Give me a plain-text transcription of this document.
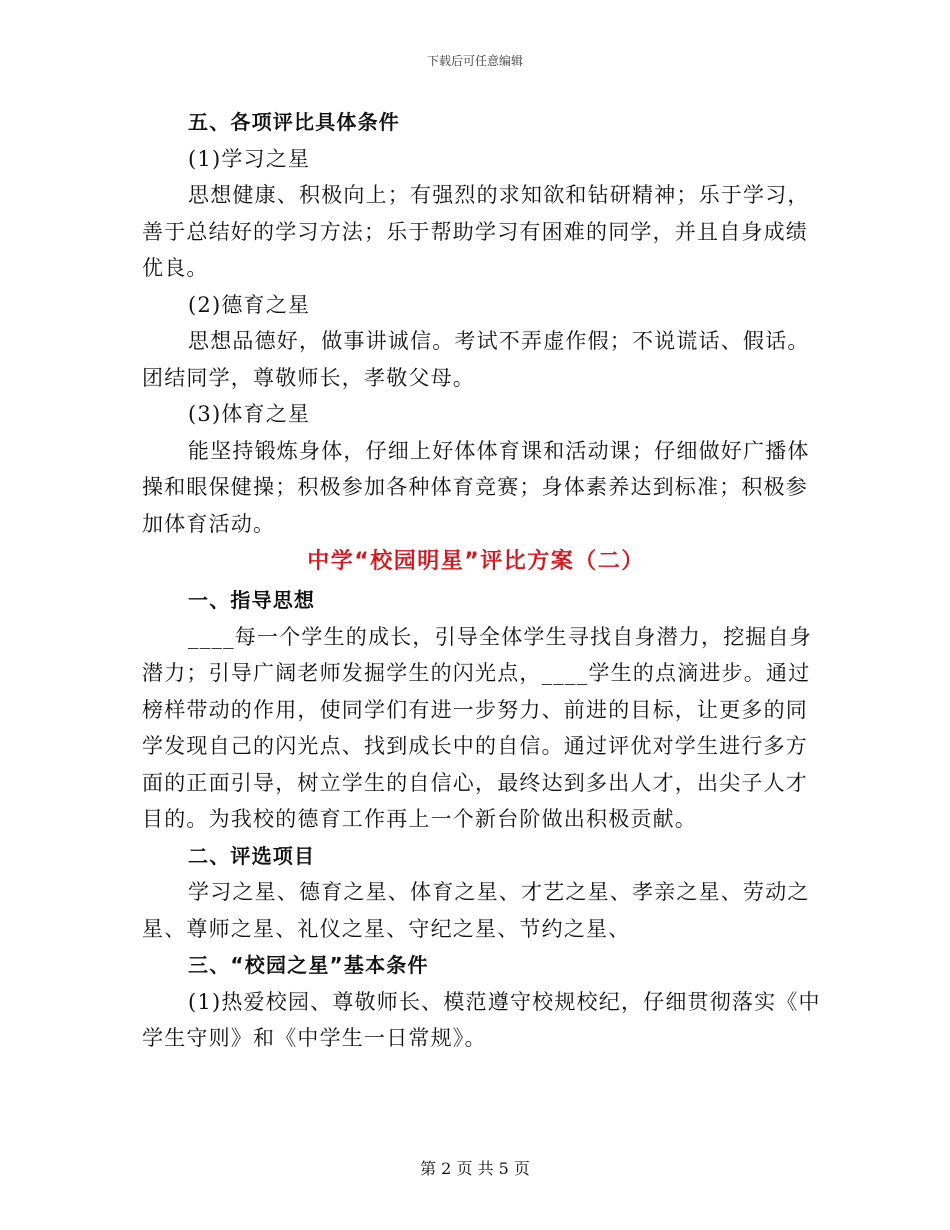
下载后可任意编辑

五、各项评比具体条件

(1)学习之星

思想健康、积极向上；有强烈的求知欲和钻研精神；乐于学习，

善于总结好的学习方法；乐于帮助学习有困难的同学，并且自身成绩

优良。

(2)德育之星

思想品德好，做事讲诚信。考试不弄虚作假；不说谎话、假话。

团结同学，尊敬师长，孝敬父母。

(3)体育之星

能坚持锻炼身体，仔细上好体体育课和活动课；仔细做好广播体

操和眼保健操；积极参加各种体育竞赛；身体素养达到标准；积极参

加体育活动。

中学“校园明星”评比方案（二）

一、指导思想

____每一个学生的成长，引导全体学生寻找自身潜力，挖掘自身

潜力；引导广阔老师发掘学生的闪光点，____学生的点滴进步。通过

榜样带动的作用，使同学们有进一步努力、前进的目标，让更多的同

学发现自己的闪光点、找到成长中的自信。通过评优对学生进行多方

面的正面引导，树立学生的自信心，最终达到多出人才，出尖子人才

目的。为我校的德育工作再上一个新台阶做出积极贡献。

二、评选项目

学习之星、德育之星、体育之星、才艺之星、孝亲之星、劳动之

星、尊师之星、礼仪之星、守纪之星、节约之星、

三、“校园之星”基本条件

(1)热爱校园、尊敬师长、模范遵守校规校纪，仔细贯彻落实《中

学生守则》和《中学生一日常规》。

第 2 页 共 5 页
